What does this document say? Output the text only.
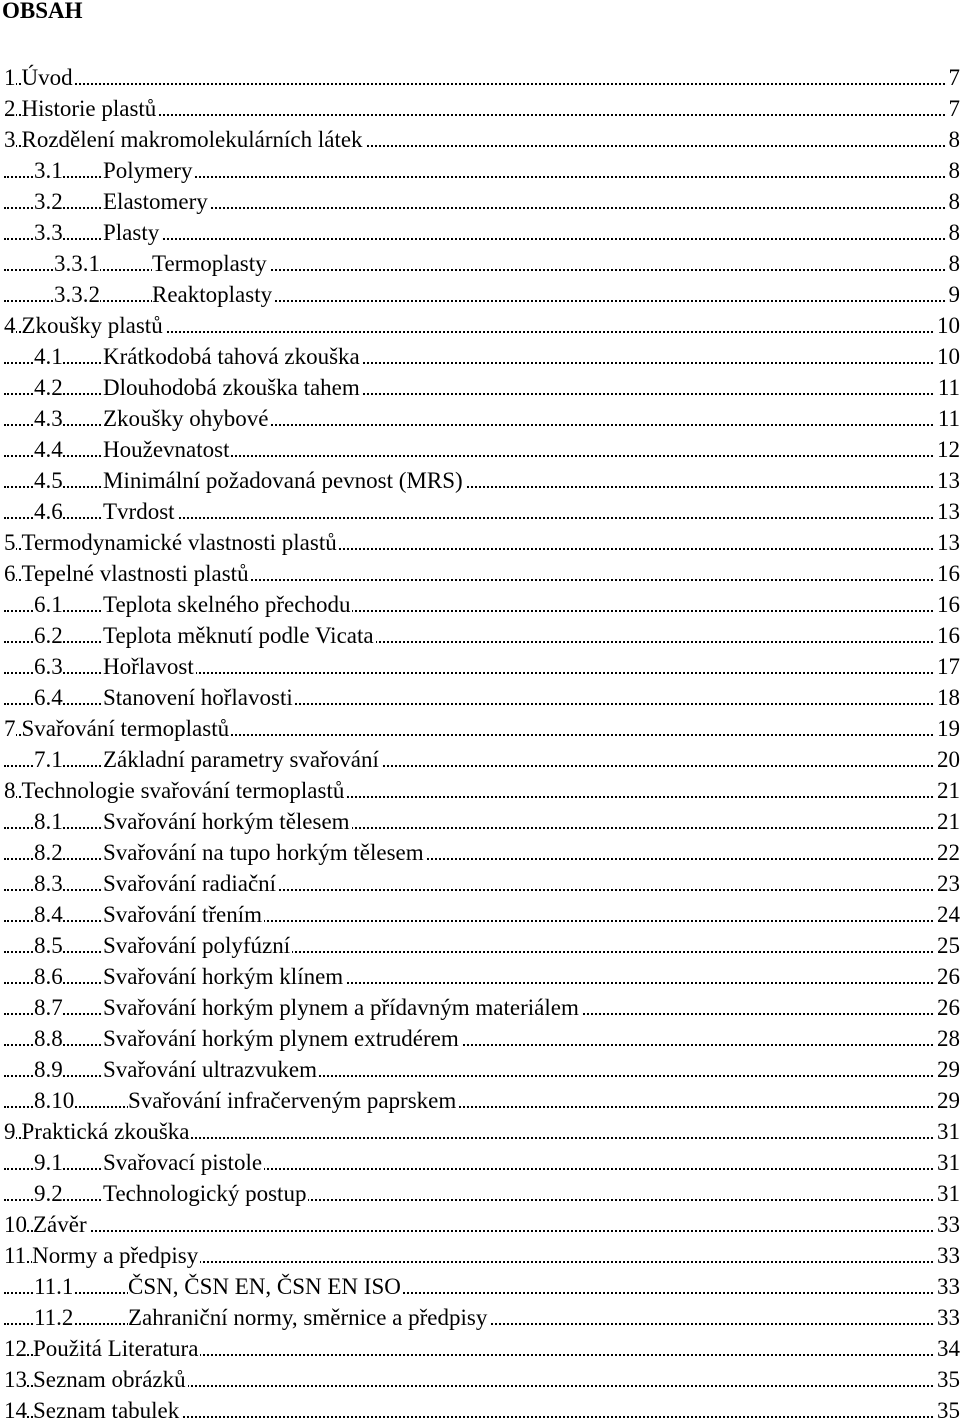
OBSAH
1 Úvod	7
2 Historie plastů	7
3 Rozdělení makromolekulárních látek	8
3.1 Polymery	8
3.2 Elastomery	8
3.3 Plasty	8
3.3.1 Termoplasty	8
3.3.2 Reaktoplasty	9
4 Zkoušky plastů	10
4.1 Krátkodobá tahová zkouška	10
4.2 Dlouhodobá zkouška tahem	11
4.3 Zkoušky ohybové	11
4.4 Houževnatost	12
4.5 Minimální požadovaná pevnost (MRS)	13
4.6 Tvrdost	13
5 Termodynamické vlastnosti plastů	13
6 Tepelné vlastnosti plastů	16
6.1 Teplota skelného přechodu	16
6.2 Teplota měknutí podle Vicata	16
6.3 Hořlavost	17
6.4 Stanovení hořlavosti	18
7 Svařování termoplastů	19
7.1 Základní parametry svařování	20
8 Technologie svařování termoplastů	21
8.1 Svařování horkým tělesem	21
8.2 Svařování na tupo horkým tělesem	22
8.3 Svařování radiační	23
8.4 Svařování třením	24
8.5 Svařování polyfúzní	25
8.6 Svařování horkým klínem	26
8.7 Svařování horkým plynem a přídavným materiálem	26
8.8 Svařování horkým plynem extrudérem	28
8.9 Svařování ultrazvukem	29
8.10 Svařování infračerveným paprskem	29
9 Praktická zkouška	31
9.1 Svařovací pistole	31
9.2 Technologický postup	31
10 Závěr	33
11 Normy a předpisy	33
11.1 ČSN, ČSN EN, ČSN EN ISO	33
11.2 Zahraniční normy, směrnice a předpisy	33
12 Použitá Literatura	34
13 Seznam obrázků	35
14 Seznam tabulek	35
